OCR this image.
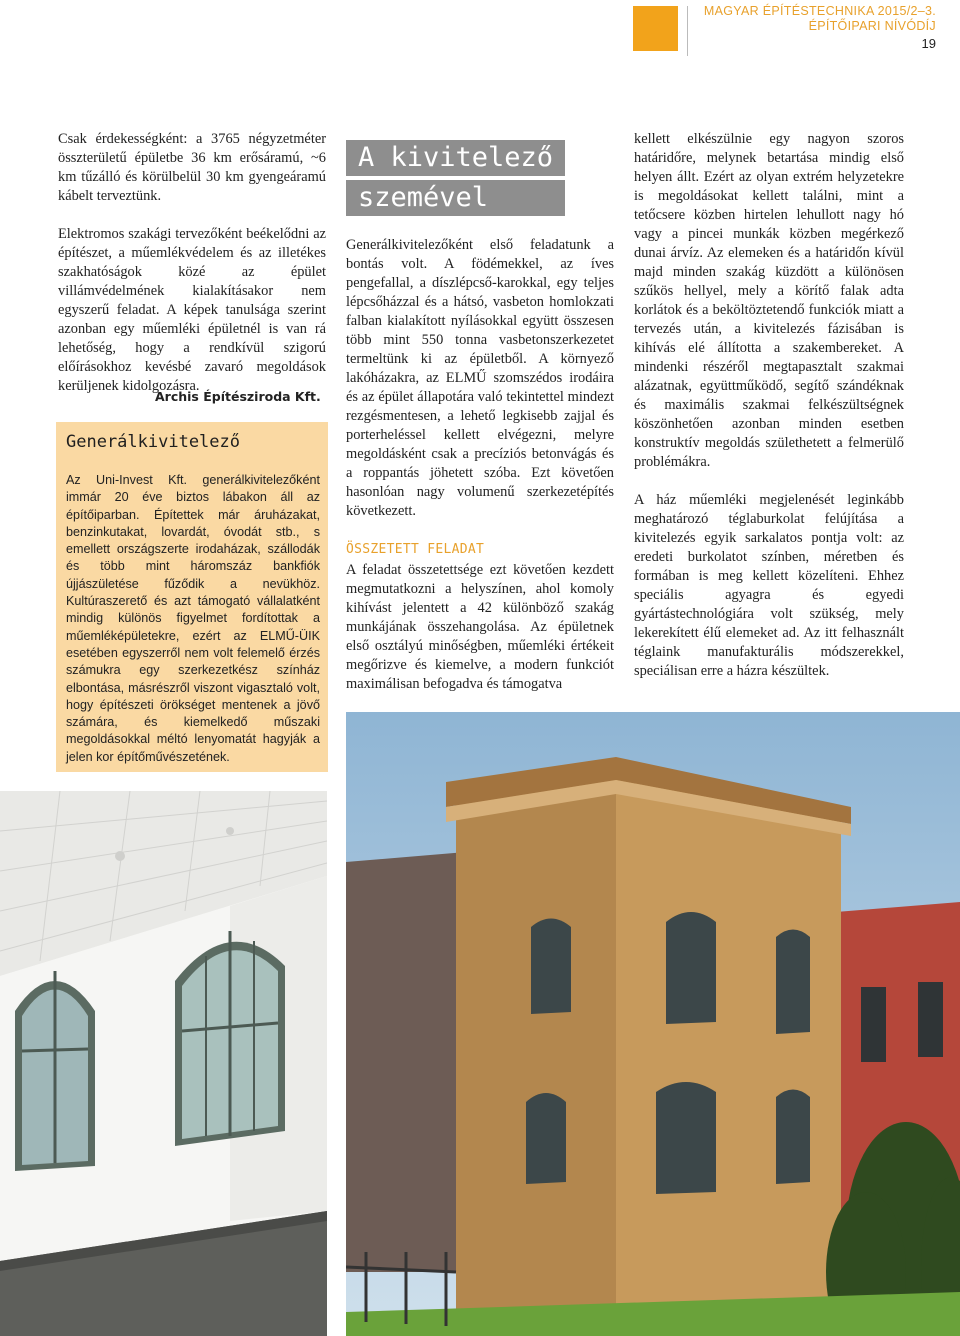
MAGYAR ÉPÍTÉSTECHNIKA 2015/2–3.
ÉPÍTŐIPARI NÍVÓDÍJ
19

Csak érdekességként: a 3765 négyzetméter összterületű épületbe 36 km erősáramú, ~6 km tűzálló és körülbelül 30 km gyengeáramú kábelt terveztünk.

Elektromos szakági tervezőként beékelődni az építészet, a műemlékvédelem és az illetékes szakhatóságok közé az épület villámvédelmének kialakításakor nem egyszerű feladat. A képek tanulsága szerint azonban egy műemléki épületnél is van rá lehetőség, hogy a rendkívül szigorú előírásokhoz kevésbé zavaró megoldások kerüljenek kidolgozásra.

Archis Építésziroda Kft.
Generálkivitelező
Az Uni-Invest Kft. generálkivitelezőként immár 20 éve biztos lábakon áll az építőiparban. Építettek már áruházakat, benzinkutakat, lovardát, óvodát stb., s emellett országszerte irodaházak, szállodák és több mint háromszáz bankfiók újjászületése fűződik a nevükhöz. Kultúraszerető és azt támogató vállalatként mindig különös figyelmet fordítottak a műemléképületekre, ezért az ELMŰ-ÜIK esetében egyszerről nem volt felemelő érzés számukra egy szerkezetkész színház elbontása, másrészről viszont vigasztaló volt, hogy építészeti örökséget mentenek a jövő számára, és kiemelkedő műszaki megoldásokkal méltó lenyomatát hagyják a jelen kor építőművészetének.
A kivitelező
szemével

Generálkivitelezőként első feladatunk a bontás volt. A födémekkel, az íves pengefallal, a díszlépcső-karokkal, egy teljes lépcsőházzal és a hátsó, vasbeton homlokzati falban kialakított nyílásokkal együtt összesen több mint 550 tonna vasbetonszerkezetet termeltünk ki az épületből. A környező lakóházakra, az ELMŰ szomszédos irodáira és az épület állapotára való tekintettel mindezt rezgésmentesen, a lehető legkisebb zajjal és porterheléssel kellett elvégezni, melyre megoldásként csak a precíziós betonvágás és a roppantás jöhetett szóba. Ezt követően hasonlóan nagy volumenű szerkezetépítés következett.

ÖSSZETETT FELADAT

A feladat összetettsége ezt követően kezdett megmutatkozni a helyszínen, ahol komoly kihívást jelentett a 42 különböző szakág munkájának összehangolása. Az épületnek első osztályú minőségben, műemléki értékeit megőrizve és kiemelve, a modern funkciót maximálisan befogadva és támogatva

kellett elkészülnie egy nagyon szoros határidőre, melynek betartása mindig első helyen állt. Ezért az olyan extrém helyzetekre is megoldásokat kellett találni, mint a tetőcsere közben hirtelen lehullott nagy hó vagy a pincei munkák közben megérkező dunai árvíz. Az elemeken és a határidőn kívül majd minden szakág küzdött a különösen szűkös hellyel, mely a körítő falak adta korlátok és a beköltöztetendő funkciók miatt a tervezés után, a kivitelezés fázisában is kihívás elé állította a szakembereket. A mindenki részéről megtapasztalt szakmai alázatnak, együttműködő, segítő szándéknak és maximális szakmai felkészültségnek köszönhetően azonban minden esetben konstruktív megoldás születhetett a felmerülő problémákra.

A ház műemléki megjelenését leginkább meghatározó téglaburkolat felújítása a kivitelezés egyik sarkalatos pontja volt: az eredeti burkolatot színben, méretben és formában is meg kellett közelíteni. Ehhez speciális agyagra és egyedi gyártástechnológiára volt szükség, mely lekerekített élű elemeket ad. Az itt felhasznált téglaink manufakturális módszerekkel, speciálisan erre a házra készültek.
